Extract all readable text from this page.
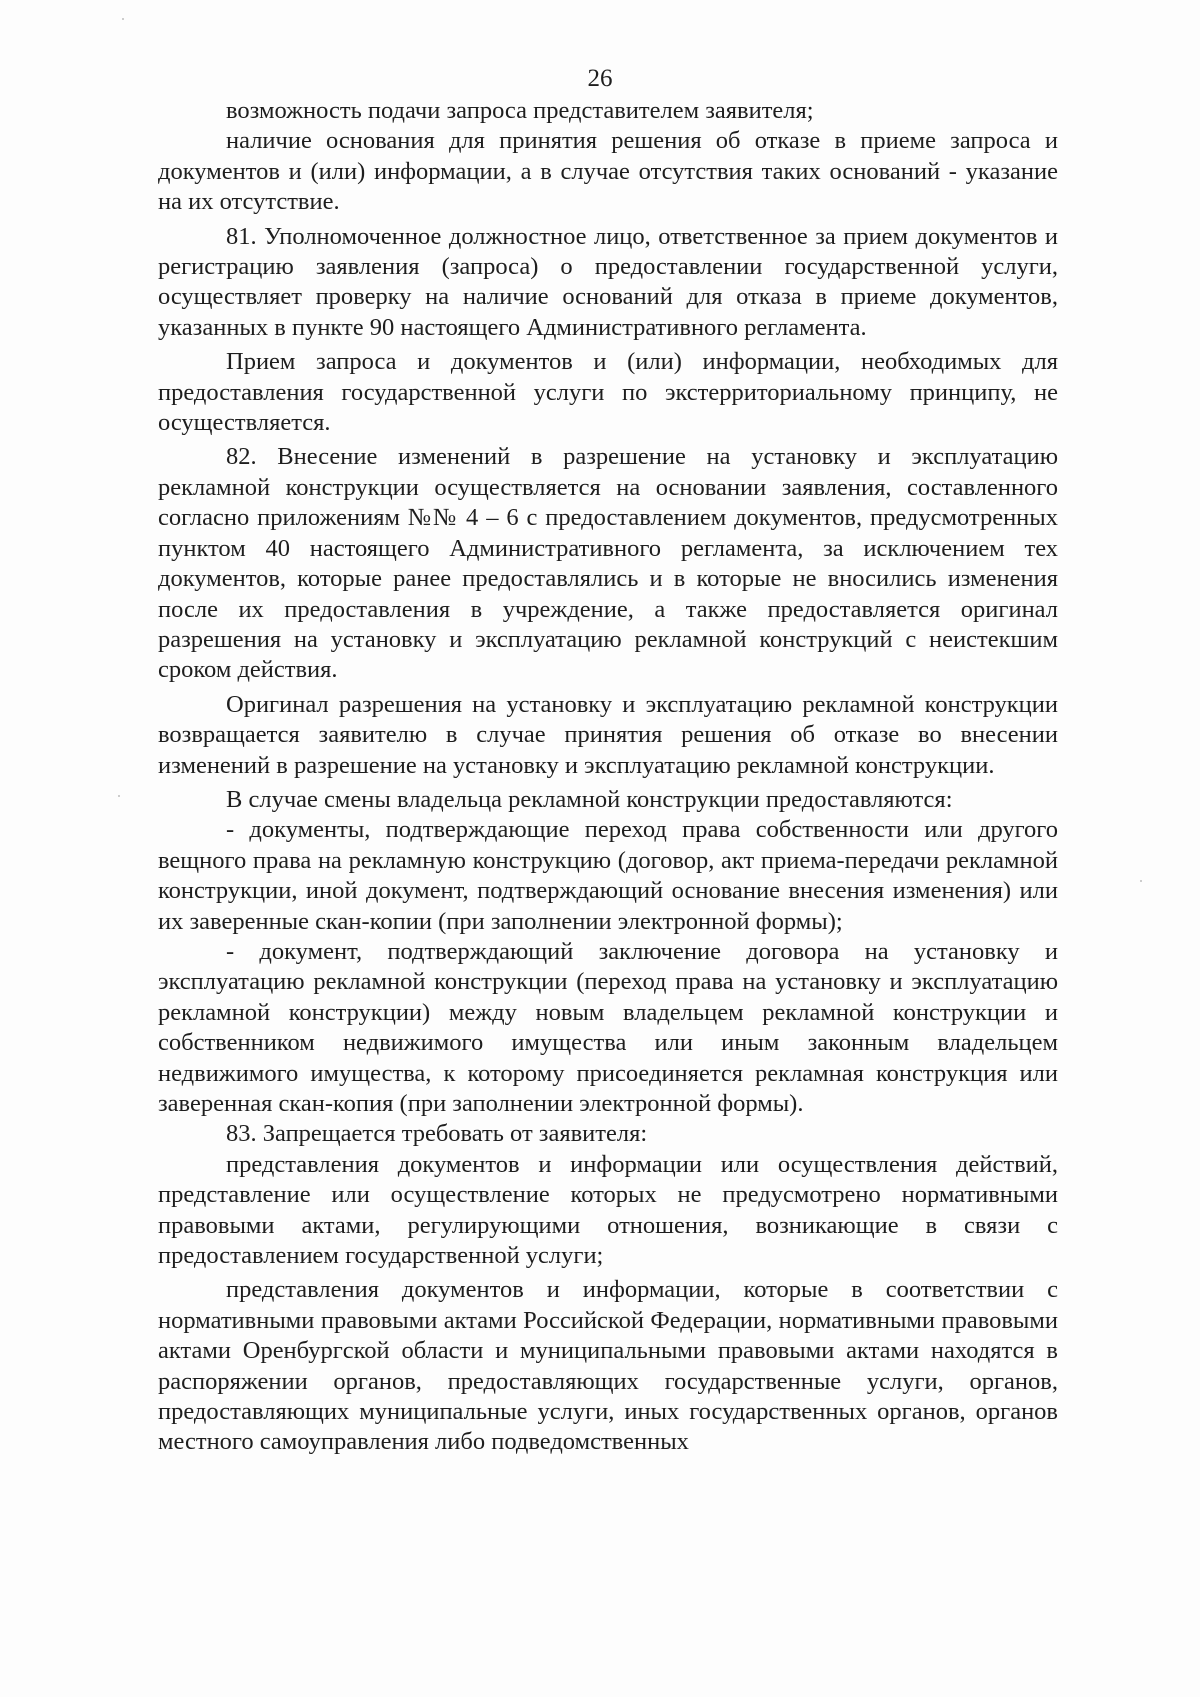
26

возможность подачи запроса представителем заявителя;

наличие основания для принятия решения об отказе в приеме запроса и документов и (или) информации, а в случае отсутствия таких оснований - указание на их отсутствие.

81. Уполномоченное должностное лицо, ответственное за прием документов и регистрацию заявления (запроса) о предоставлении государственной услуги, осуществляет проверку на наличие оснований для отказа в приеме документов, указанных в пункте 90 настоящего Административного регламента.

Прием запроса и документов и (или) информации, необходимых для предоставления государственной услуги по экстерриториальному принципу, не осуществляется.

82. Внесение изменений в разрешение на установку и эксплуатацию рекламной конструкции осуществляется на основании заявления, составленного согласно приложениям №№ 4 – 6 с предоставлением документов, предусмотренных пунктом 40 настоящего Административного регламента, за исключением тех документов, которые ранее предоставлялись и в которые не вносились изменения после их предоставления в учреждение, а также предоставляется оригинал разрешения на установку и эксплуатацию рекламной конструкций с неистекшим сроком действия.

Оригинал разрешения на установку и эксплуатацию рекламной конструкции возвращается заявителю в случае принятия решения об отказе во внесении изменений в разрешение на установку и эксплуатацию рекламной конструкции.

В случае смены владельца рекламной конструкции предоставляются:

- документы, подтверждающие переход права собственности или другого вещного права на рекламную конструкцию (договор, акт приема-передачи рекламной конструкции, иной документ, подтверждающий основание внесения изменения) или их заверенные скан-копии (при заполнении электронной формы);

- документ, подтверждающий заключение договора на установку и эксплуатацию рекламной конструкции (переход права на установку и эксплуатацию рекламной конструкции) между новым владельцем рекламной конструкции и собственником недвижимого имущества или иным законным владельцем недвижимого имущества, к которому присоединяется рекламная конструкция или заверенная скан-копия (при заполнении электронной формы).

83. Запрещается требовать от заявителя:

представления документов и информации или осуществления действий, представление или осуществление которых не предусмотрено нормативными правовыми актами, регулирующими отношения, возникающие в связи с предоставлением государственной услуги;

представления документов и информации, которые в соответствии с нормативными правовыми актами Российской Федерации, нормативными правовыми актами Оренбургской области и муниципальными правовыми актами находятся в распоряжении органов, предоставляющих государственные услуги, органов, предоставляющих муниципальные услуги, иных государственных органов, органов местного самоуправления либо подведомственных
